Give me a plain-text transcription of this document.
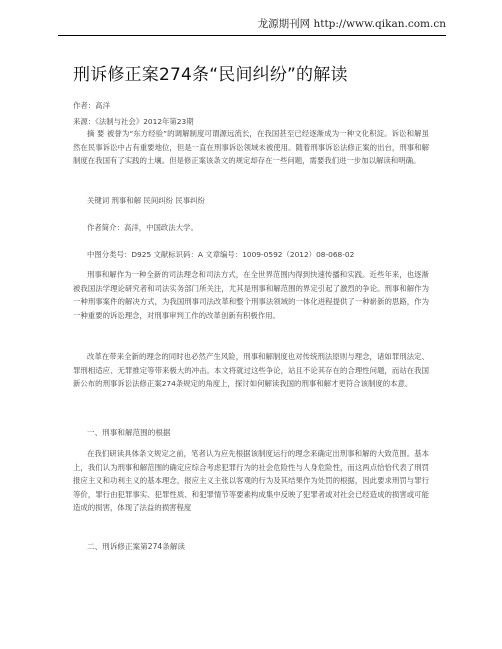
龙源期刊网 http://www.qikan.com.cn
刑诉修正案274条“民间纠纷”的解读
作者：高洋
来源：《法制与社会》2012年第23期

摘 要 被誉为“东方经验”的调解制度可谓源远流长，在我国甚至已经逐渐成为一种文化积淀。诉讼和解虽然在民事诉讼中占有重要地位，但是一直在刑事诉讼领域未被使用。随着刑事诉讼法修正案的出台，刑事和解制度在我国有了实践的土壤。但是修正案该条文的规定却存在一些问题，需要我们进一步加以解读和明确。

关键词 刑事和解 民间纠纷 民事纠纷
作者简介：高洋，中国政法大学。
中图分类号：D925 文献标识码：A 文章编号：1009-0592（2012）08-068-02

刑事和解作为一种全新的司法理念和司法方式，在全世界范围内得到快速传播和实践。近些年来，也逐渐被我国法学理论研究者和司法实务部门所关注，尤其是刑事和解范围的界定引起了激烈的争论。刑事和解作为一种刑事案件的解决方式，为我国刑事司法改革和整个刑事法领域的一体化进程提供了一种崭新的思路，作为一种重要的诉讼理念，对刑事审判工作的改革创新有积极作用。

改革在带来全新的理念的同时也必然产生风险，刑事和解制度也对传统刑法原则与理念，诸如罪刑法定、罪刑相适应、无罪推定等带来极大的冲击。本文将就过这些争论，站且不论其存在的合理性问题，而站在我国新公布的刑事诉讼法修正案274条规定的角度上，探讨如何解读我国的刑事和解才更符合该制度的本意。

一、刑事和解范围的根据

在我们研读具体条文规定之前，笔者认为应先根据该制度运行的理念来确定出刑事和解的大致范围。基本上，我们认为刑事和解范围的确定应综合考虑犯罪行为的社会危险性与人身危险性，而这两点恰恰代表了刑罚报应主义和功利主义的基本理念，报应主义主张以客观的行为及其结果作为处罚的根据，因此要求刑罚与罪行等价，罪行由犯罪事实、犯罪性质、和犯罪情节等要素构成集中反映了犯罪者或对社会已经造成的损害或可能造成的损害，体现了法益的损害程度

二、刑诉修正案第274条解读
